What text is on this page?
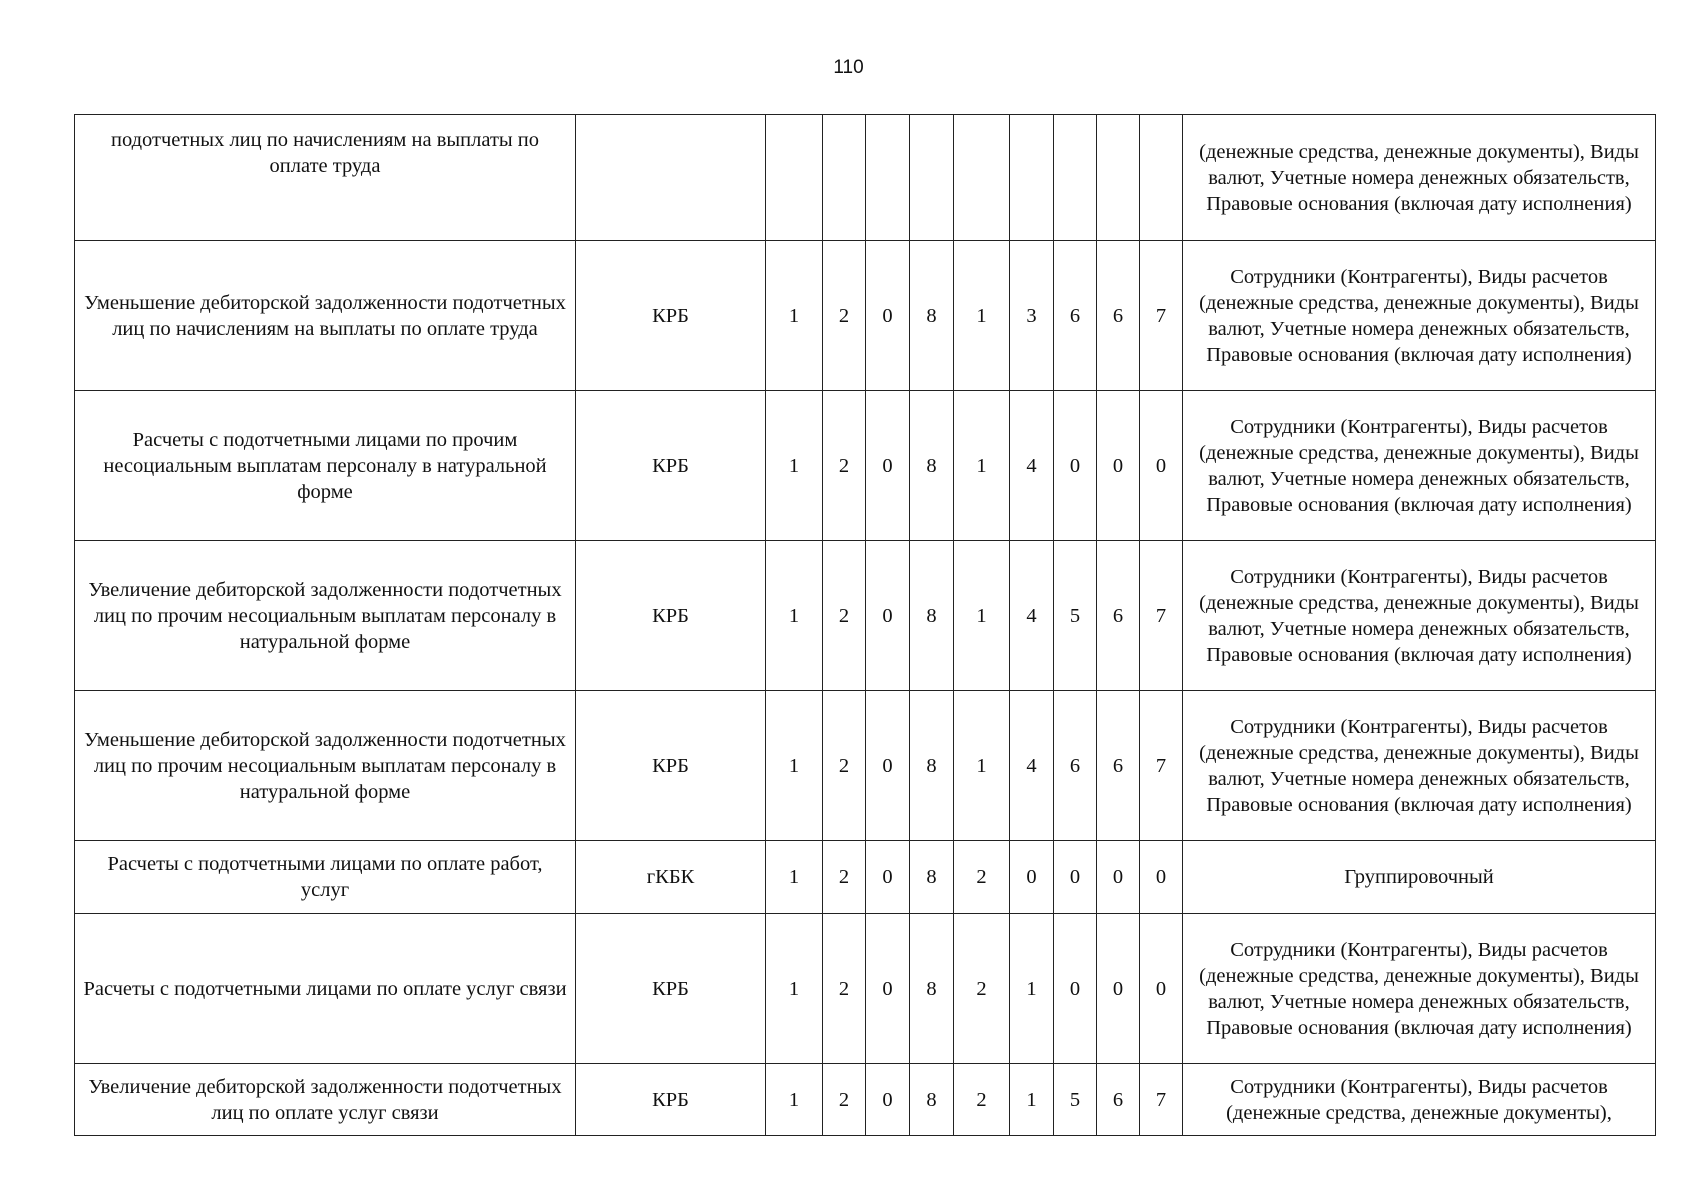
110
подотчетных лиц по начислениям на выплаты по оплате труда											(денежные средства, денежные документы), Виды валют, Учетные номера денежных обязательств, Правовые основания (включая дату исполнения)
Уменьшение дебиторской задолженности подотчетных лиц по начислениям на выплаты по оплате труда	КРБ	1	2	0	8	1	3	6	6	7	Сотрудники (Контрагенты), Виды расчетов (денежные средства, денежные документы), Виды валют, Учетные номера денежных обязательств, Правовые основания (включая дату исполнения)
Расчеты с подотчетными лицами по прочим несоциальным выплатам персоналу в натуральной форме	КРБ	1	2	0	8	1	4	0	0	0	Сотрудники (Контрагенты), Виды расчетов (денежные средства, денежные документы), Виды валют, Учетные номера денежных обязательств, Правовые основания (включая дату исполнения)
Увеличение дебиторской задолженности подотчетных лиц по прочим несоциальным выплатам персоналу в натуральной форме	КРБ	1	2	0	8	1	4	5	6	7	Сотрудники (Контрагенты), Виды расчетов (денежные средства, денежные документы), Виды валют, Учетные номера денежных обязательств, Правовые основания (включая дату исполнения)
Уменьшение дебиторской задолженности подотчетных лиц по прочим несоциальным выплатам персоналу в натуральной форме	КРБ	1	2	0	8	1	4	6	6	7	Сотрудники (Контрагенты), Виды расчетов (денежные средства, денежные документы), Виды валют, Учетные номера денежных обязательств, Правовые основания (включая дату исполнения)
Расчеты с подотчетными лицами по оплате работ, услуг	гКБК	1	2	0	8	2	0	0	0	0	Группировочный
Расчеты с подотчетными лицами по оплате услуг связи	КРБ	1	2	0	8	2	1	0	0	0	Сотрудники (Контрагенты), Виды расчетов (денежные средства, денежные документы), Виды валют, Учетные номера денежных обязательств, Правовые основания (включая дату исполнения)
Увеличение дебиторской задолженности подотчетных лиц по оплате услуг связи	КРБ	1	2	0	8	2	1	5	6	7	Сотрудники (Контрагенты), Виды расчетов (денежные средства, денежные документы),
